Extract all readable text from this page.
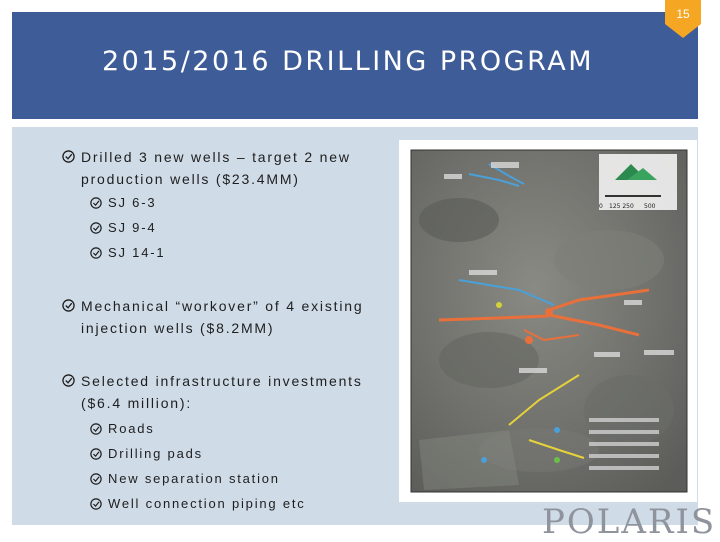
2015/2016 DRILLING PROGRAM
15
Drilled 3 new wells – target 2 new production wells ($23.4MM)
SJ 6-3
SJ 9-4
SJ 14-1
Mechanical “workover” of 4 existing injection wells ($8.2MM)
Selected infrastructure investments ($6.4 million):
Roads
Drilling pads
New separation station
Well connection piping etc
0 125 250 500
POLARIS
